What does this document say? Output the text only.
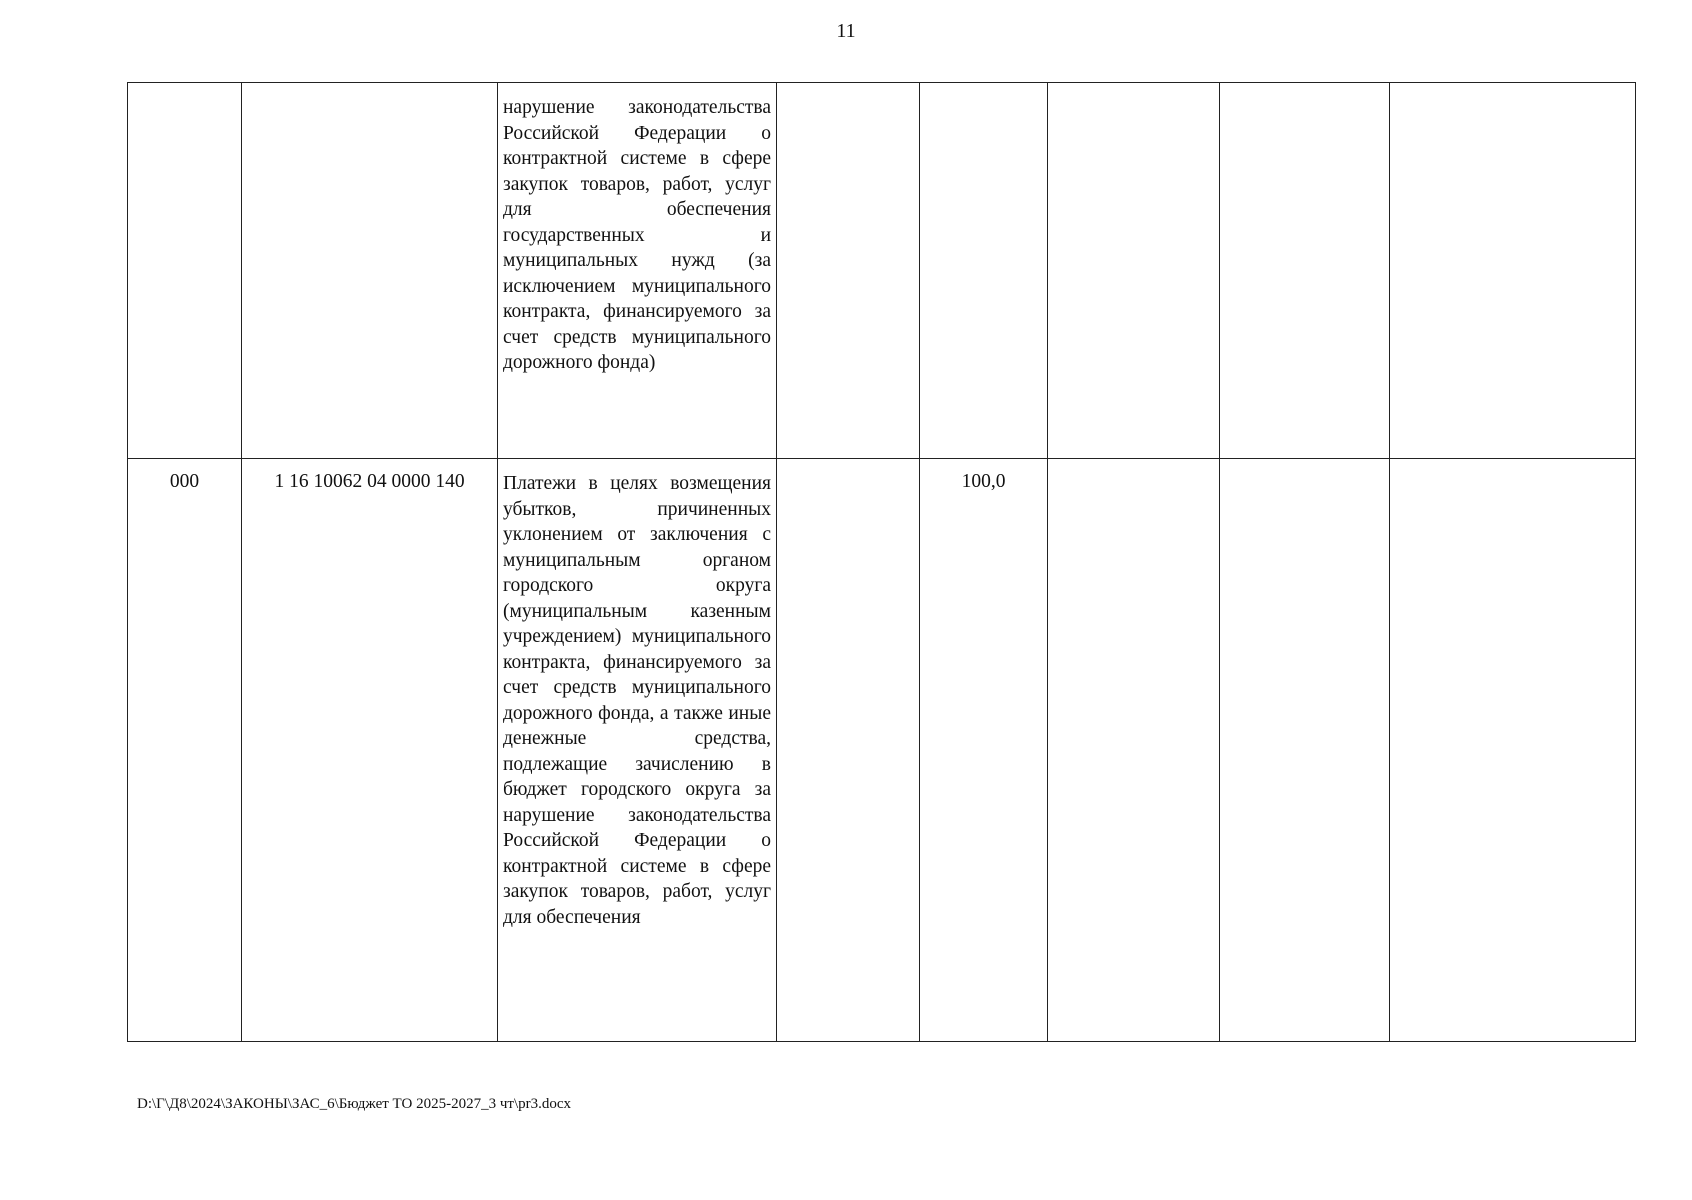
11

		нарушение законодательства Российской Федерации о контрактной системе в сфере закупок товаров, работ, услуг для обеспечения государственных и муниципальных нужд (за исключением муниципального контракта, финансируемого за счет средств муниципального дорожного фонда)					

000	1 16 10062 04 0000 140	Платежи в целях возмещения убытков, причиненных уклонением от заключения с муниципальным органом городского округа (муниципальным казенным учреждением) муниципального контракта, финансируемого за счет средств муниципального дорожного фонда, а также иные денежные средства, подлежащие зачислению в бюджет городского округа за нарушение законодательства Российской Федерации о контрактной системе в сфере закупок товаров, работ, услуг для обеспечения		100,0			

D:\Г\Д8\2024\ЗАКОНЫ\ЗАС_6\Бюджет ТО 2025-2027_3 чт\pr3.docx
